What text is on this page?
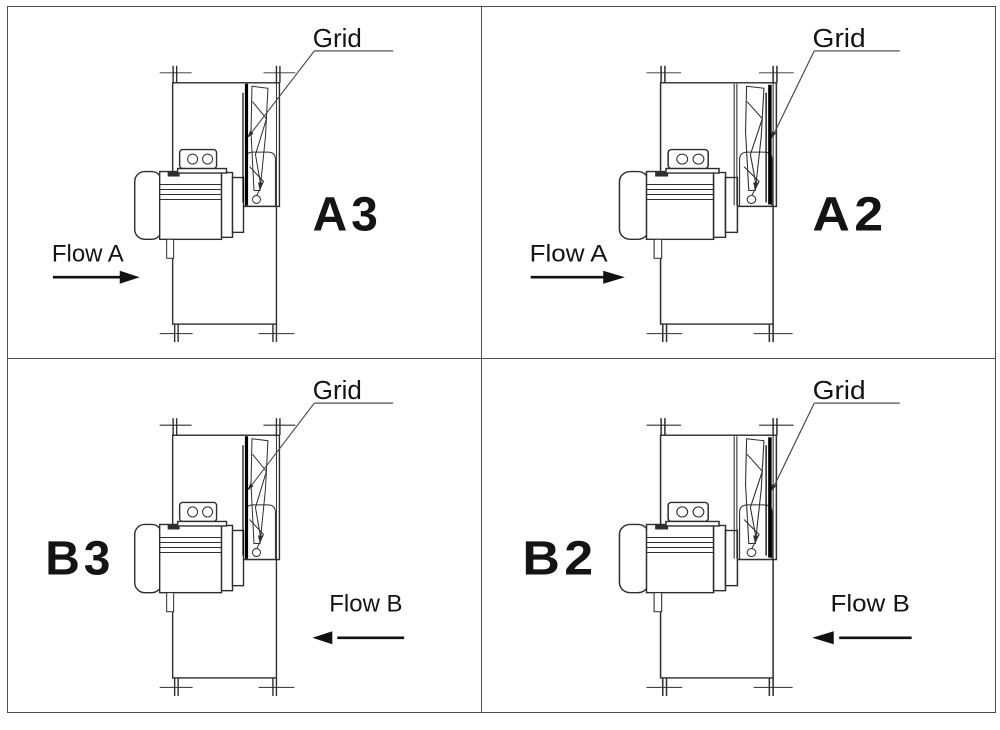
Grid
A3
Flow A
Grid
A2
Flow A
Grid
B3
Flow B
Grid
B2
Flow B
